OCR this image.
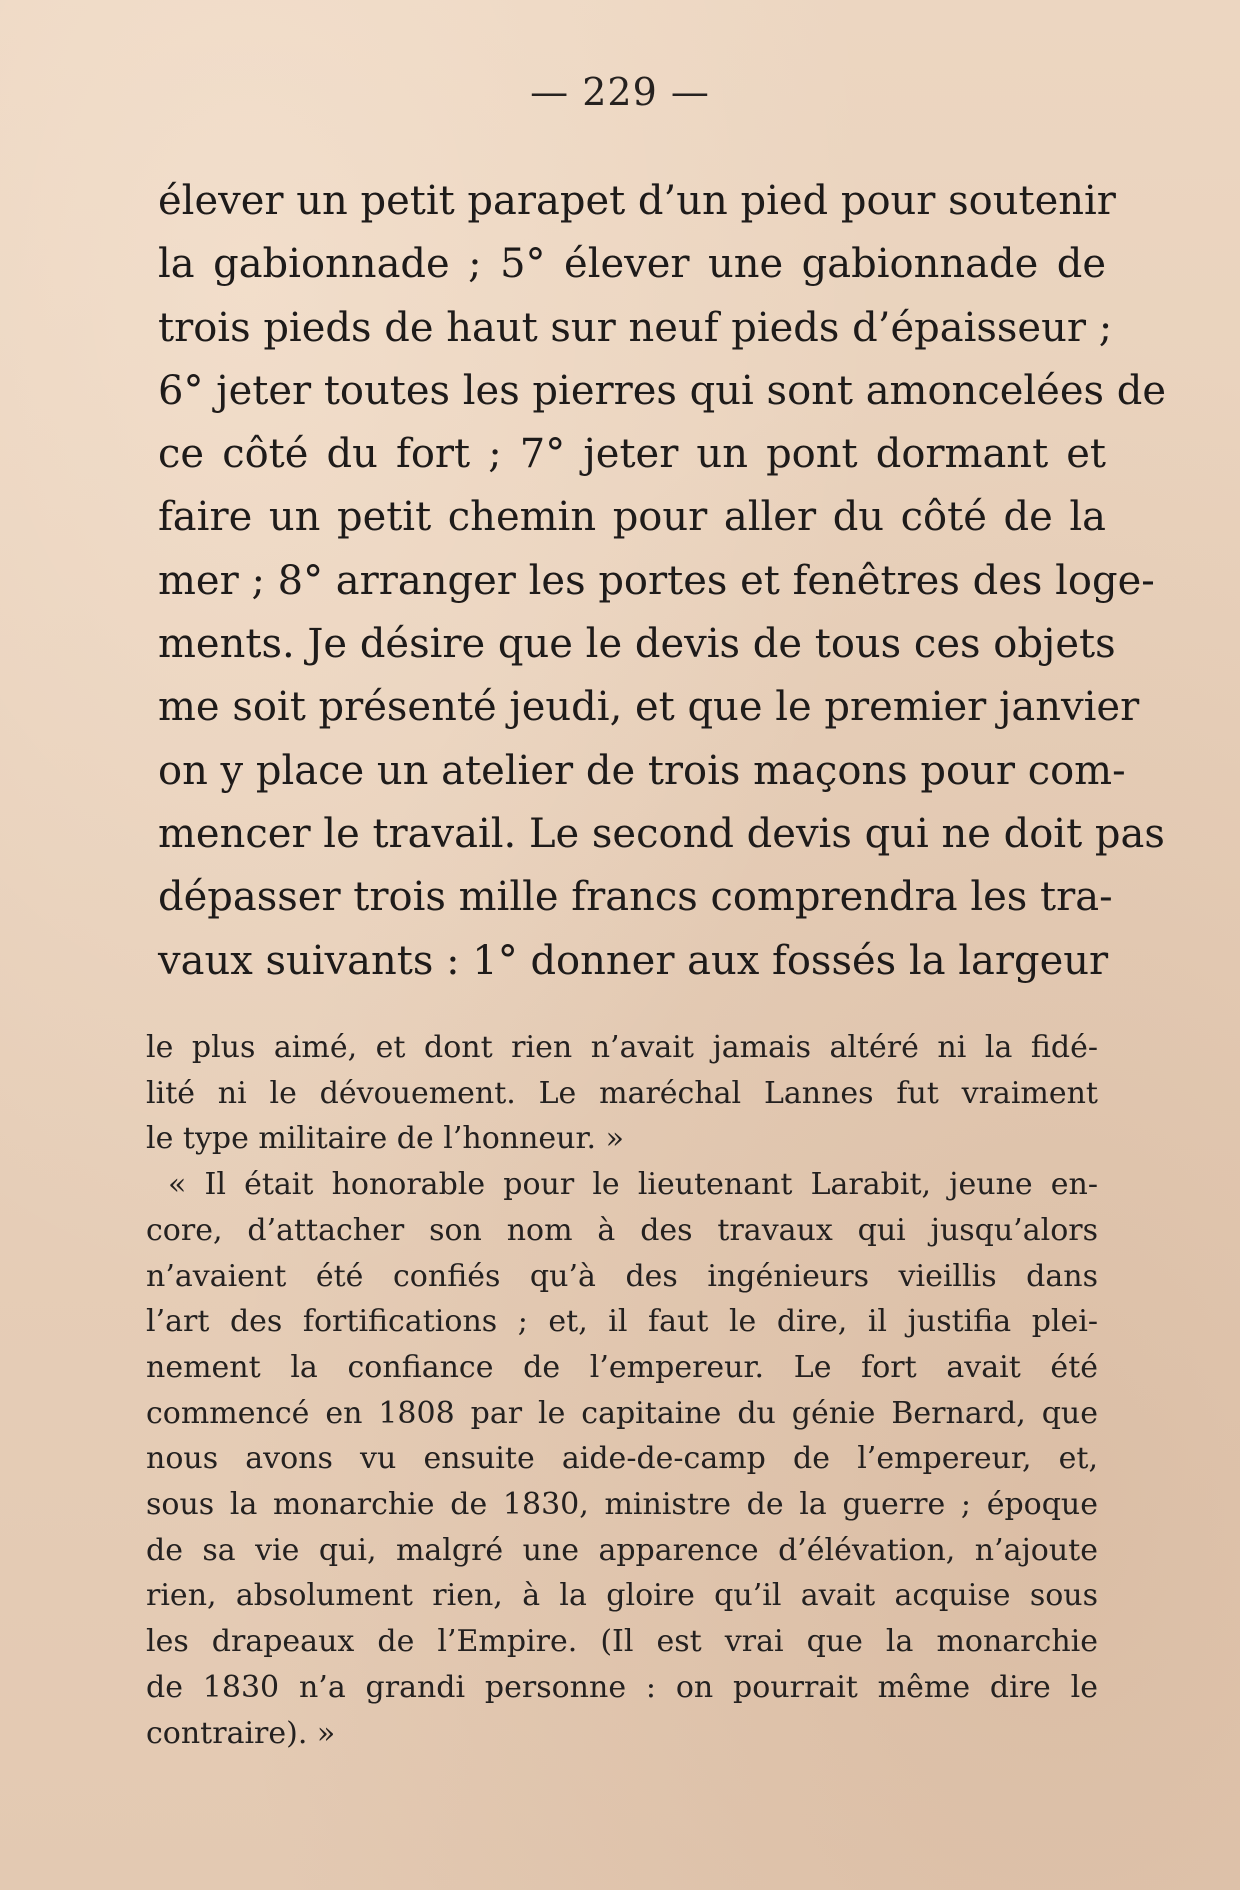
— 229 —
élever un petit parapet d’un pied pour soutenir
la gabionnade ; 5° élever une gabionnade de
trois pieds de haut sur neuf pieds d’épaisseur ;
6° jeter toutes les pierres qui sont amoncelées de
ce côté du fort ; 7° jeter un pont dormant et
faire un petit chemin pour aller du côté de la
mer ; 8° arranger les portes et fenêtres des loge-
ments. Je désire que le devis de tous ces objets
me soit présenté jeudi, et que le premier janvier
on y place un atelier de trois maçons pour com-
mencer le travail. Le second devis qui ne doit pas
dépasser trois mille francs comprendra les tra-
vaux suivants : 1° donner aux fossés la largeur
le plus aimé, et dont rien n’avait jamais altéré ni la fidé-
lité ni le dévouement. Le maréchal Lannes fut vraiment
le type militaire de l’honneur. »
« Il était honorable pour le lieutenant Larabit, jeune en-
core, d’attacher son nom à des travaux qui jusqu’alors
n’avaient été confiés qu’à des ingénieurs vieillis dans
l’art des fortifications ; et, il faut le dire, il justifia plei-
nement la confiance de l’empereur. Le fort avait été
commencé en 1808 par le capitaine du génie Bernard, que
nous avons vu ensuite aide-de-camp de l’empereur, et,
sous la monarchie de 1830, ministre de la guerre ; époque
de sa vie qui, malgré une apparence d’élévation, n’ajoute
rien, absolument rien, à la gloire qu’il avait acquise sous
les drapeaux de l’Empire. (Il est vrai que la monarchie
de 1830 n’a grandi personne : on pourrait même dire le
contraire). »
